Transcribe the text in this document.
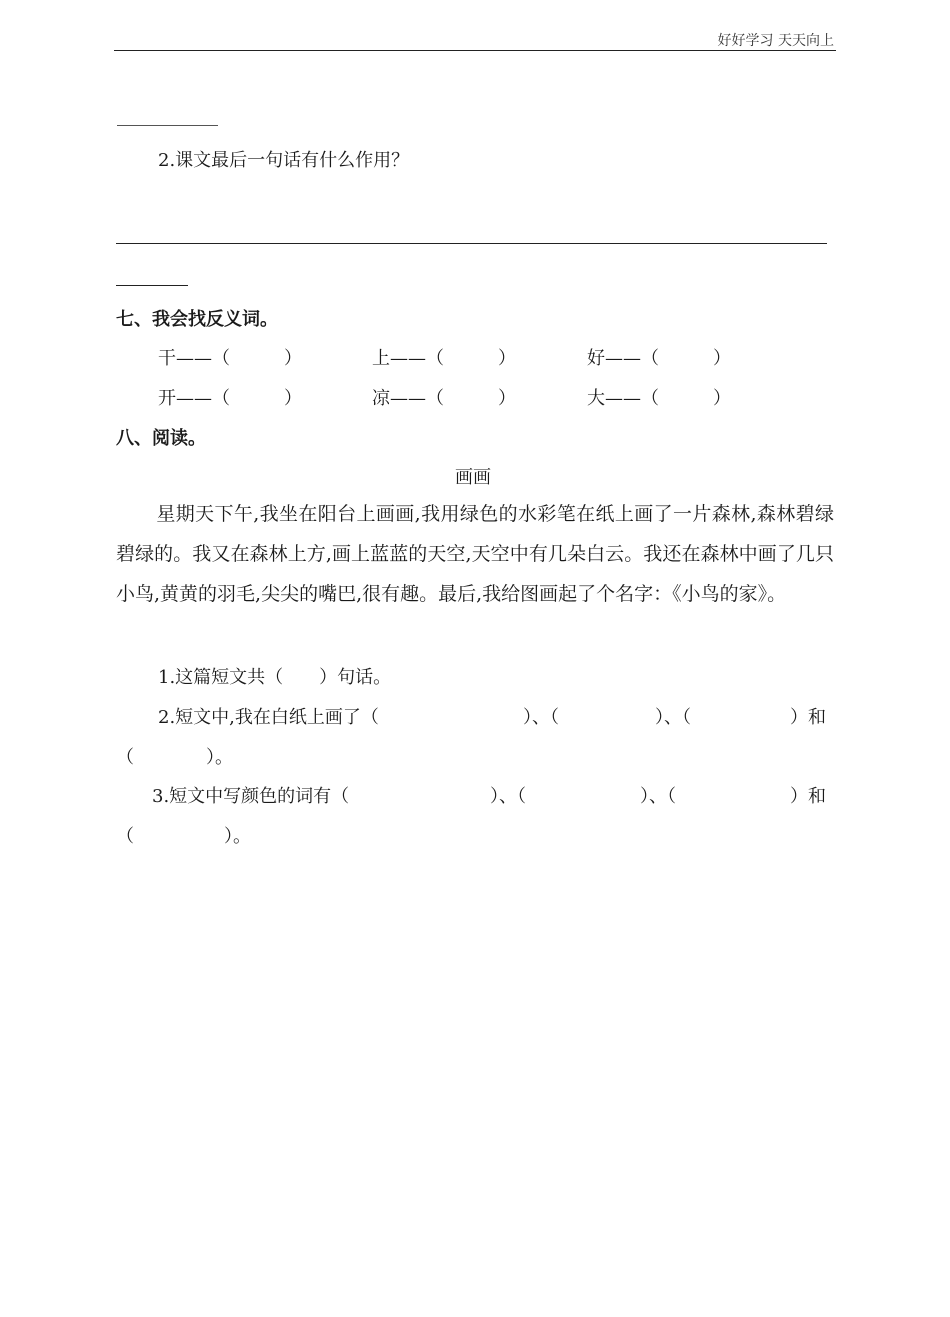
好好学习 天天向上
2.课文最后一句话有什么作用？
七、我会找反义词。
干——（　　　）	上——（　　　）	好——（　　　）
开——（　　　）	凉——（　　　）	大——（　　　）
八、阅读。
画画
星期天下午,我坐在阳台上画画,我用绿色的水彩笔在纸上画了一片森林,森林碧绿碧绿的。我又在森林上方,画上蓝蓝的天空,天空中有几朵白云。我还在森林中画了几只小鸟,黄黄的羽毛,尖尖的嘴巴,很有趣。最后,我给图画起了个名字：《小鸟的家》。
1.这篇短文共（　　）句话。
2.短文中,我在白纸上画了（	）、（	）、（	）和
（　　　　）。
3.短文中写颜色的词有（	）、（	）、（	）和
（　　　　　）。
